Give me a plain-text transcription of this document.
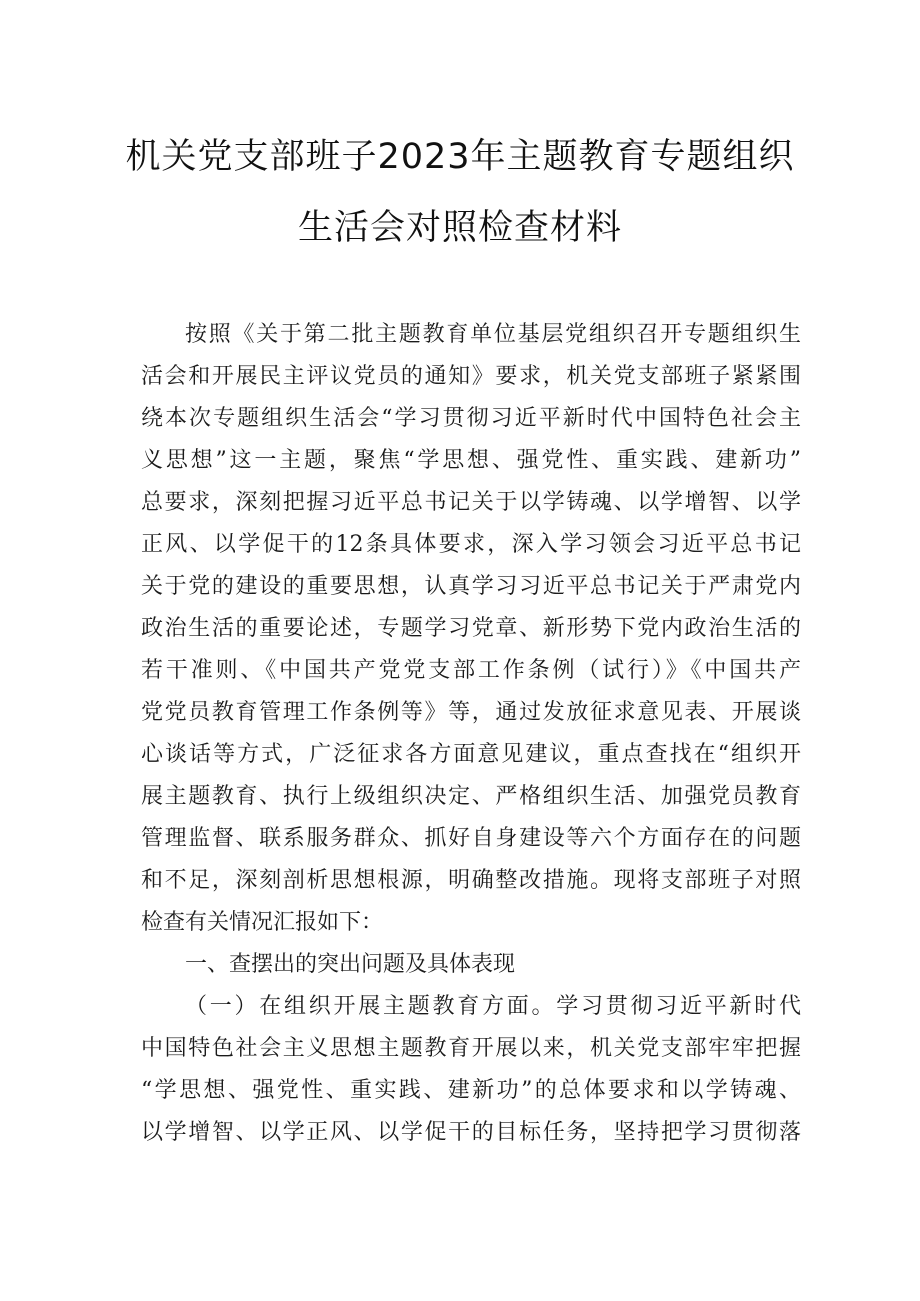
机关党支部班子2023年主题教育专题组织
生活会对照检查材料
按照《关于第二批主题教育单位基层党组织召开专题组织生
活会和开展民主评议党员的通知》要求，机关党支部班子紧紧围
绕本次专题组织生活会“学习贯彻习近平新时代中国特色社会主
义思想”这一主题，聚焦“学思想、强党性、重实践、建新功”
总要求，深刻把握习近平总书记关于以学铸魂、以学增智、以学
正风、以学促干的12条具体要求，深入学习领会习近平总书记
关于党的建设的重要思想，认真学习习近平总书记关于严肃党内
政治生活的重要论述，专题学习党章、新形势下党内政治生活的
若干准则、《中国共产党党支部工作条例（试行）》《中国共产
党党员教育管理工作条例等》等，通过发放征求意见表、开展谈
心谈话等方式，广泛征求各方面意见建议，重点查找在“组织开
展主题教育、执行上级组织决定、严格组织生活、加强党员教育
管理监督、联系服务群众、抓好自身建设等六个方面存在的问题
和不足，深刻剖析思想根源，明确整改措施。现将支部班子对照
检查有关情况汇报如下：
一、查摆出的突出问题及具体表现
（一）在组织开展主题教育方面。学习贯彻习近平新时代
中国特色社会主义思想主题教育开展以来，机关党支部牢牢把握
“学思想、强党性、重实践、建新功”的总体要求和以学铸魂、
以学增智、以学正风、以学促干的目标任务，坚持把学习贯彻落
